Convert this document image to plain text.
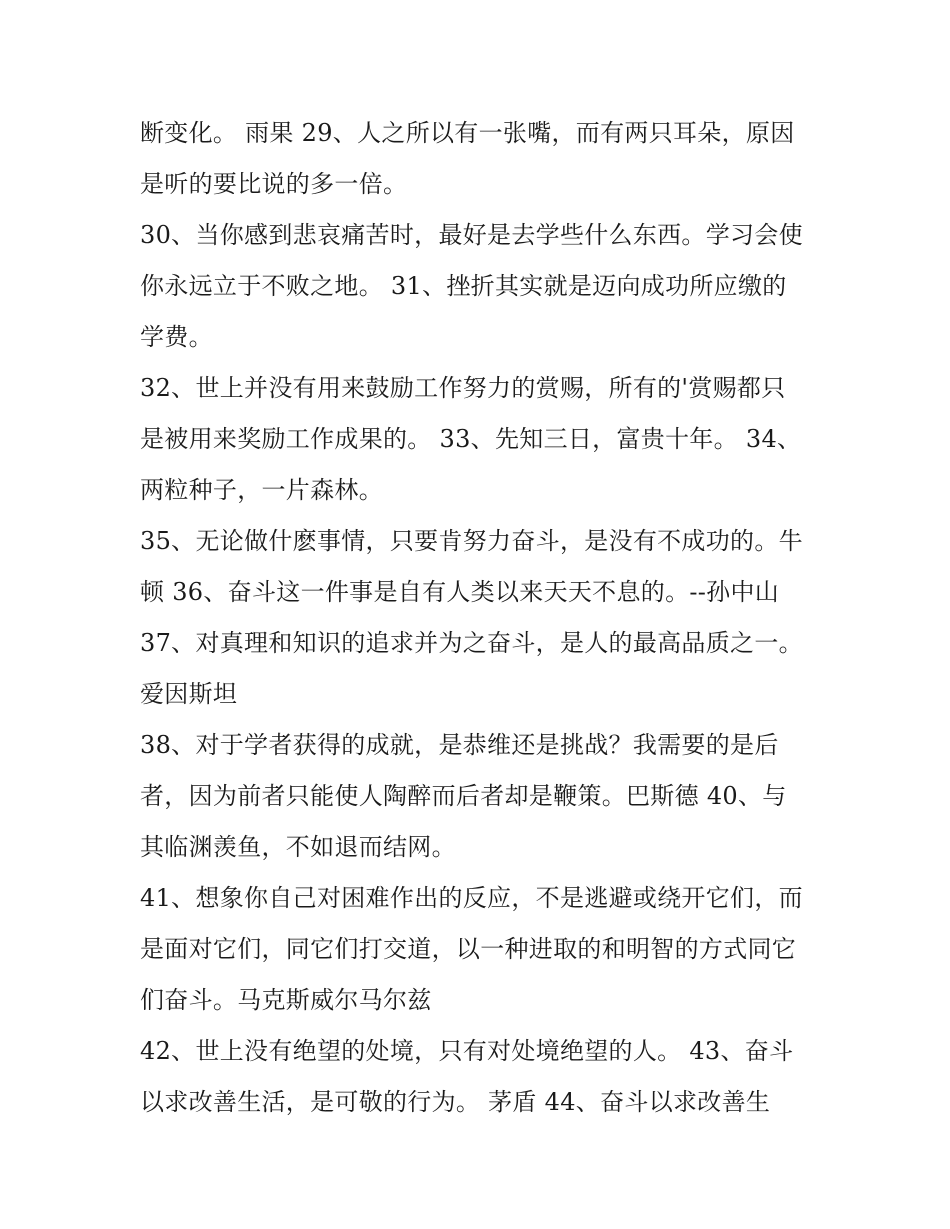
断变化。 雨果 29、人之所以有一张嘴，而有两只耳朵，原因
是听的要比说的多一倍。
30、当你感到悲哀痛苦时，最好是去学些什么东西。学习会使
你永远立于不败之地。 31、挫折其实就是迈向成功所应缴的
学费。
32、世上并没有用来鼓励工作努力的赏赐，所有的'赏赐都只
是被用来奖励工作成果的。 33、先知三日，富贵十年。 34、
两粒种子，一片森林。
35、无论做什麽事情，只要肯努力奋斗，是没有不成功的。牛
顿 36、奋斗这一件事是自有人类以来天天不息的。--孙中山
37、对真理和知识的追求并为之奋斗，是人的最高品质之一。
爱因斯坦
38、对于学者获得的成就，是恭维还是挑战？我需要的是后
者，因为前者只能使人陶醉而后者却是鞭策。巴斯德 40、与
其临渊羡鱼，不如退而结网。
41、想象你自己对困难作出的反应，不是逃避或绕开它们，而
是面对它们，同它们打交道，以一种进取的和明智的方式同它
们奋斗。马克斯威尔马尔兹
42、世上没有绝望的处境，只有对处境绝望的人。 43、奋斗
以求改善生活，是可敬的行为。 茅盾 44、奋斗以求改善生
